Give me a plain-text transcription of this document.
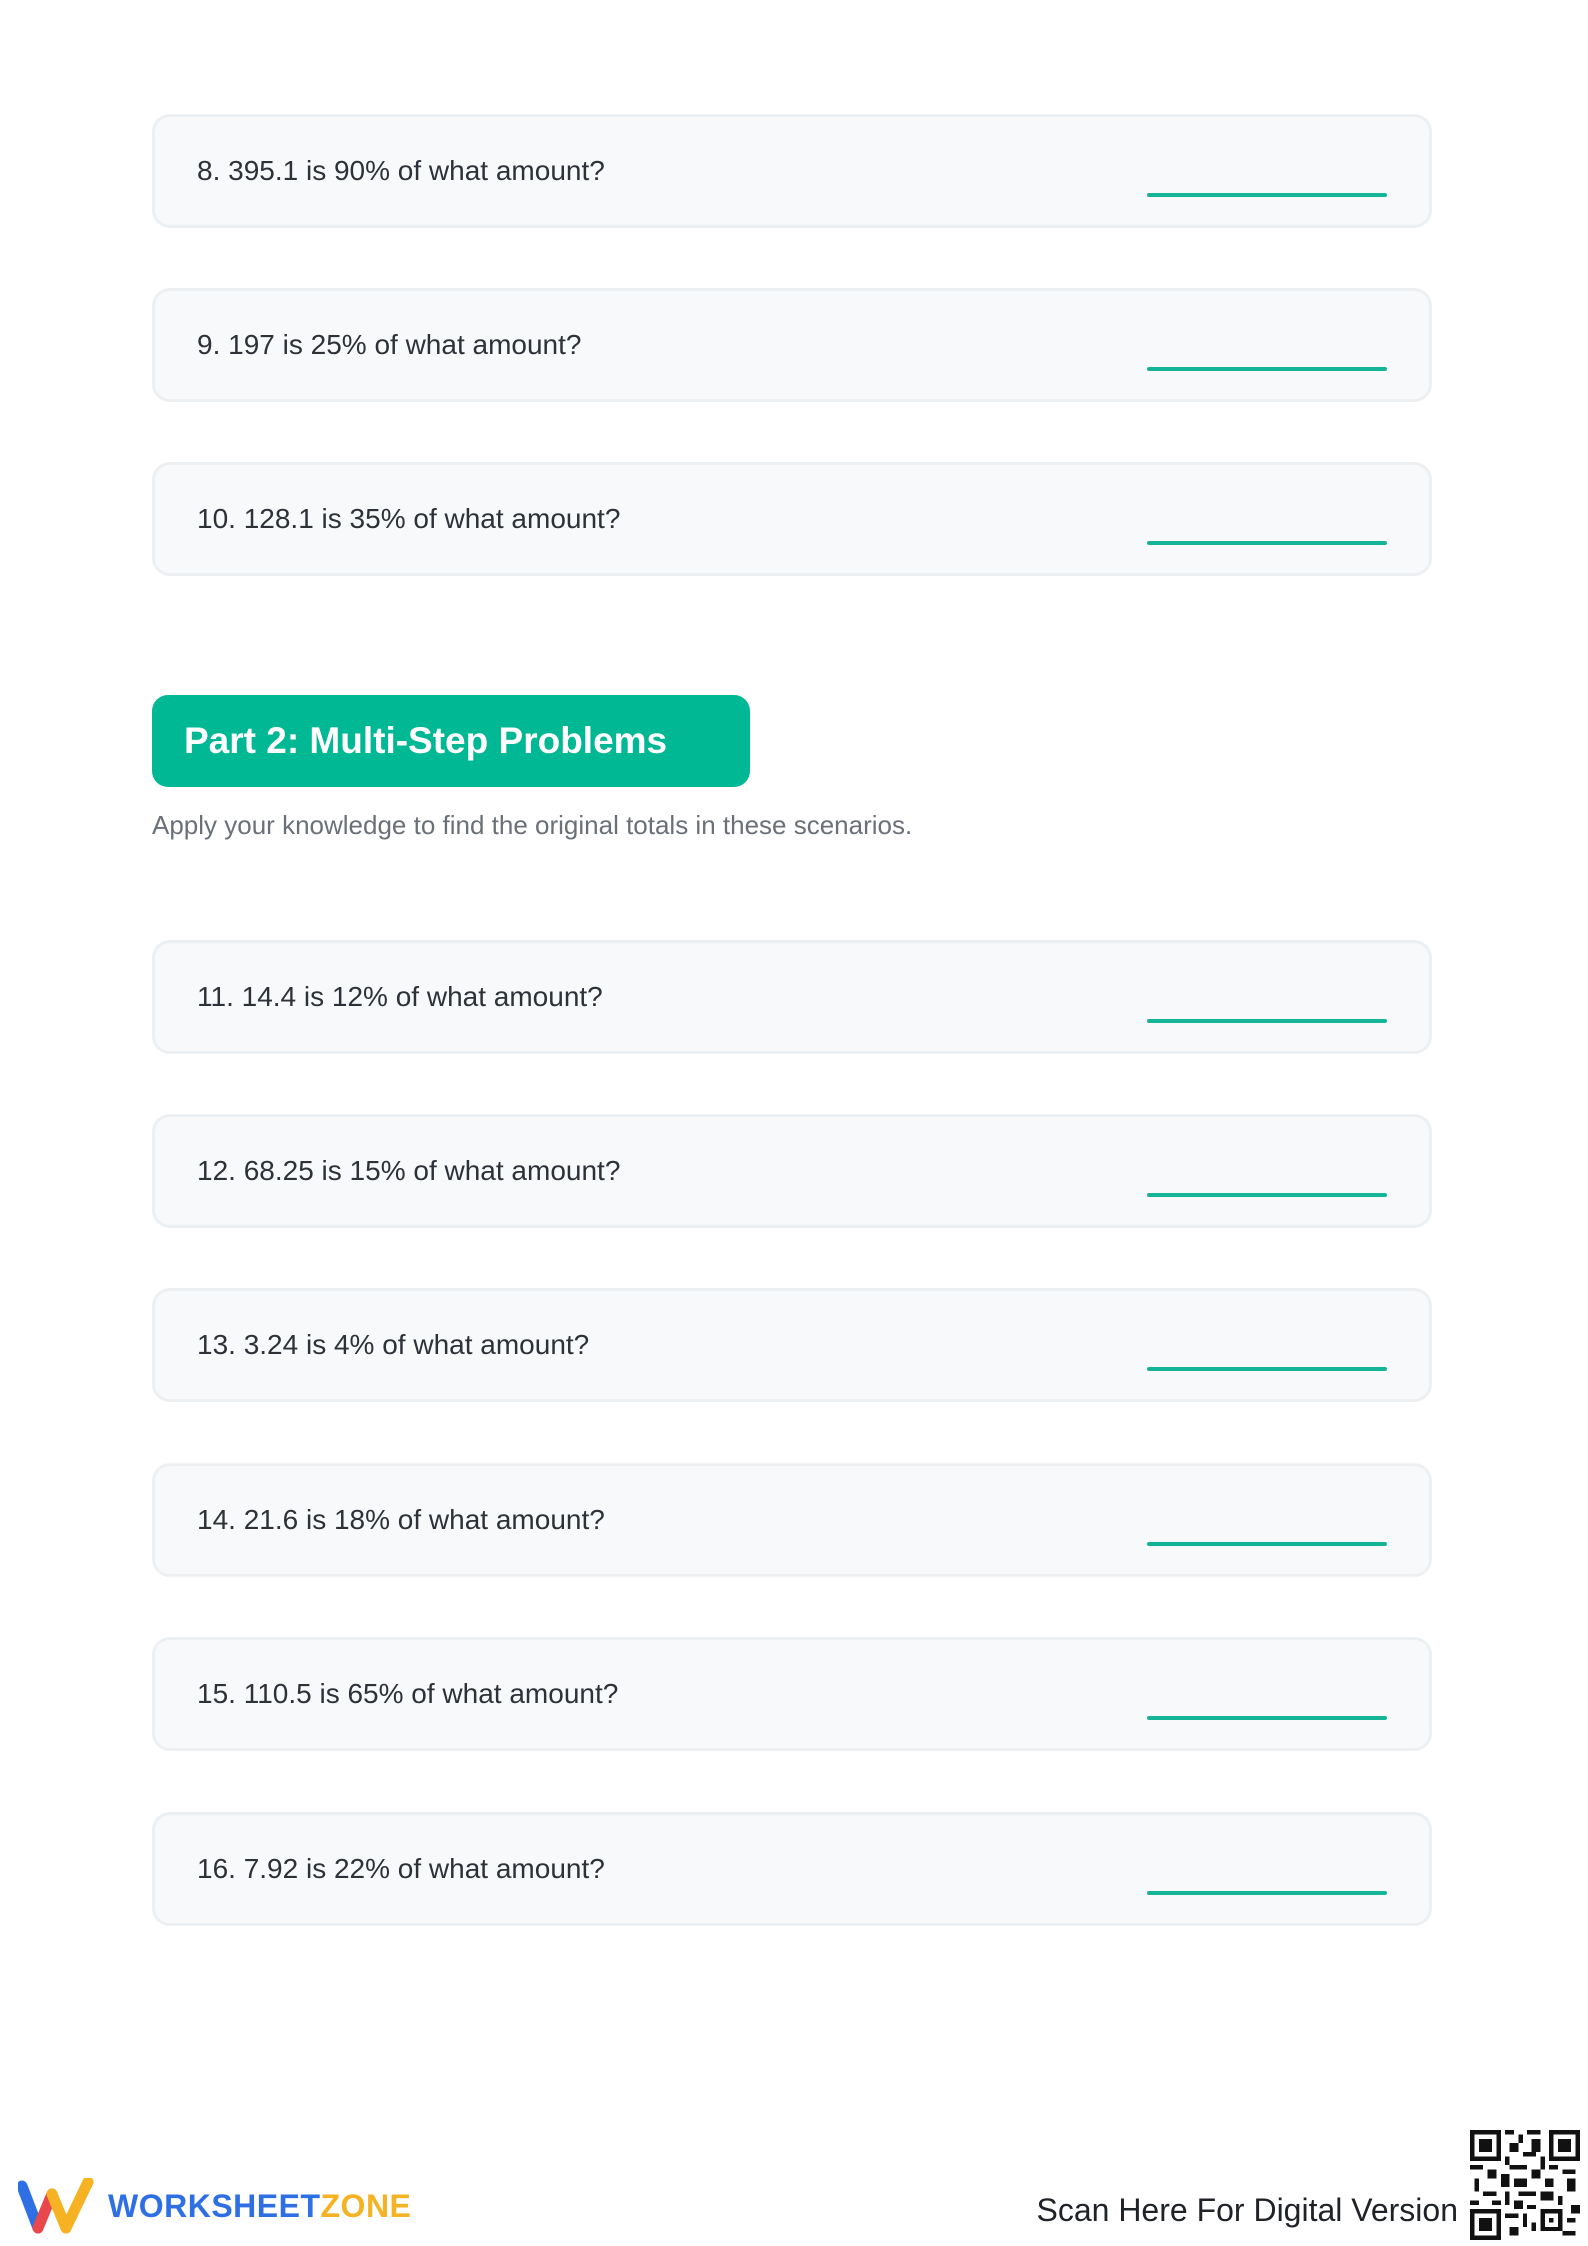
8. 395.1 is 90% of what amount?
9. 197 is 25% of what amount?
10. 128.1 is 35% of what amount?
Part 2: Multi-Step Problems
Apply your knowledge to find the original totals in these scenarios.
11. 14.4 is 12% of what amount?
12. 68.25 is 15% of what amount?
13. 3.24 is 4% of what amount?
14. 21.6 is 18% of what amount?
15. 110.5 is 65% of what amount?
16. 7.92 is 22% of what amount?
WORKSHEETZONE	Scan Here For Digital Version
